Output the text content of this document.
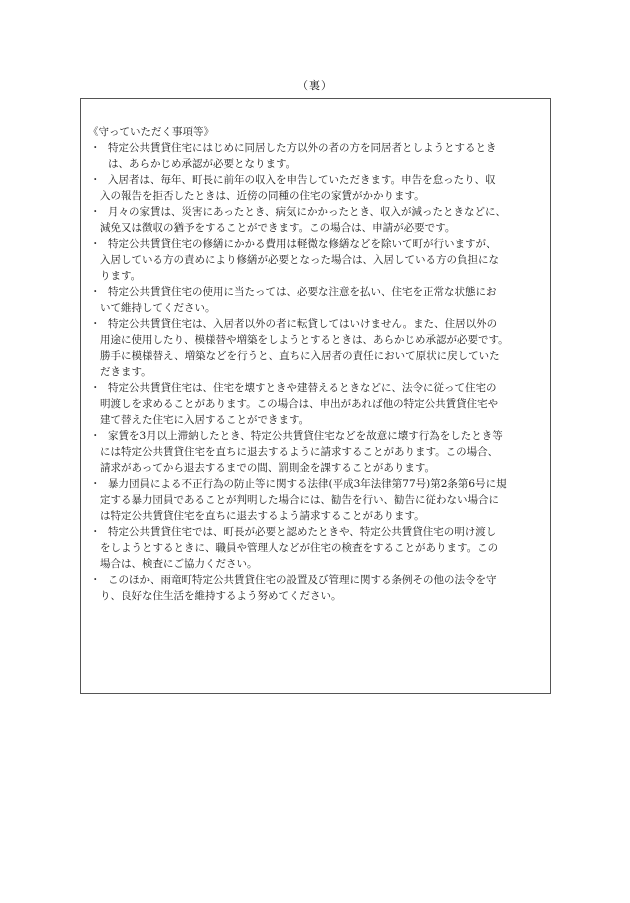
（裏）
《守っていただく事項等》
・ 特定公共賃貸住宅にはじめに同居した方以外の者の方を同居者としようとするとき
は、あらかじめ承認が必要となります。
・ 入居者は、毎年、町長に前年の収入を申告していただきます。申告を怠ったり、収
入の報告を拒否したときは、近傍の同種の住宅の家賃がかかります。
・ 月々の家賃は、災害にあったとき、病気にかかったとき、収入が減ったときなどに、
減免又は徴収の猶予をすることができます。この場合は、申請が必要です。
・ 特定公共賃貸住宅の修繕にかかる費用は軽微な修繕などを除いて町が行いますが、
入居している方の責めにより修繕が必要となった場合は、入居している方の負担にな
ります。
・ 特定公共賃貸住宅の使用に当たっては、必要な注意を払い、住宅を正常な状態にお
いて維持してください。
・ 特定公共賃貸住宅は、入居者以外の者に転貸してはいけません。また、住居以外の
用途に使用したり、模様替や増築をしようとするときは、あらかじめ承認が必要です。
勝手に模様替え、増築などを行うと、直ちに入居者の責任において原状に戻していた
だきます。
・ 特定公共賃貸住宅は、住宅を壊すときや建替えるときなどに、法令に従って住宅の
明渡しを求めることがあります。この場合は、申出があれば他の特定公共賃貸住宅や
建て替えた住宅に入居することができます。
・ 家賃を3月以上滞納したとき、特定公共賃貸住宅などを故意に壊す行為をしたとき等
には特定公共賃貸住宅を直ちに退去するように請求することがあります。この場合、
請求があってから退去するまでの間、罰則金を課することがあります。
・ 暴力団員による不正行為の防止等に関する法律(平成3年法律第77号)第2条第6号に規
定する暴力団員であることが判明した場合には、勧告を行い、勧告に従わない場合に
は特定公共賃貸住宅を直ちに退去するよう請求することがあります。
・ 特定公共賃貸住宅では、町長が必要と認めたときや、特定公共賃貸住宅の明け渡し
をしようとするときに、職員や管理人などが住宅の検査をすることがあります。この
場合は、検査にご協力ください。
・ このほか、雨竜町特定公共賃貸住宅の設置及び管理に関する条例その他の法令を守
り、良好な住生活を維持するよう努めてください。
